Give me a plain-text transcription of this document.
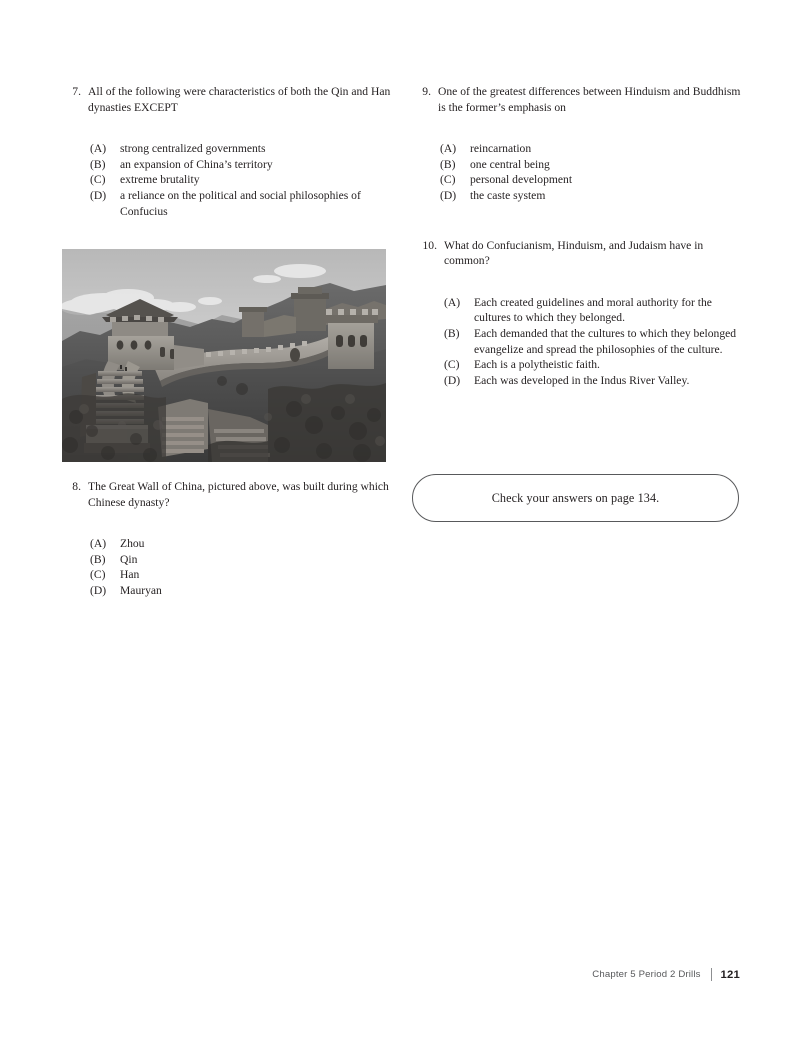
7. All of the following were characteristics of both the Qin and Han dynasties EXCEPT
(A)	strong centralized governments
(B)	an expansion of China’s territory
(C)	extreme brutality
(D)	a reliance on the political and social philosophies of Confucius
8. The Great Wall of China, pictured above, was built during which Chinese dynasty?
(A)	Zhou
(B)	Qin
(C)	Han
(D)	Mauryan
9. One of the greatest differences between Hinduism and Buddhism is the former’s emphasis on
(A)	reincarnation
(B)	one central being
(C)	personal development
(D)	the caste system
10. What do Confucianism, Hinduism, and Judaism have in common?
(A)	Each created guidelines and moral authority for the cultures to which they belonged.
(B)	Each demanded that the cultures to which they belonged evangelize and spread the philosophies of the culture.
(C)	Each is a polytheistic faith.
(D)	Each was developed in the Indus River Valley.
Check your answers on page 134.
Chapter 5 Period 2 Drills 121
